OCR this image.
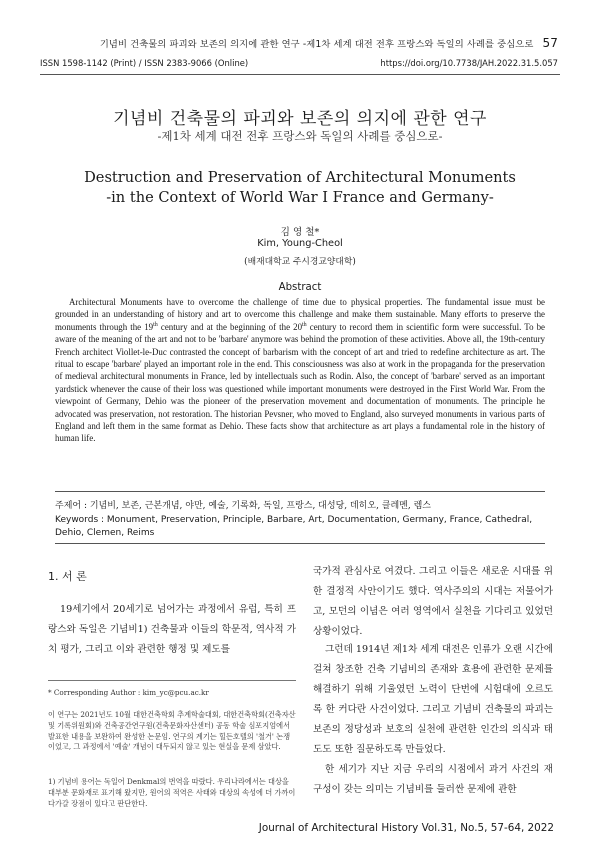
기념비 건축물의 파괴와 보존의 의지에 관한 연구 -제1차 세계 대전 전후 프랑스와 독일의 사례를 중심으로 57
ISSN 1598-1142 (Print) / ISSN 2383-9066 (Online)	https://doi.org/10.7738/JAH.2022.31.5.057
기념비 건축물의 파괴와 보존의 의지에 관한 연구
-제1차 세계 대전 전후 프랑스와 독일의 사례를 중심으로-
Destruction and Preservation of Architectural Monuments
-in the Context of World War I France and Germany-
김 영 철*
Kim, Young-Cheol
(배재대학교 주시경교양대학)
Abstract
Architectural Monuments have to overcome the challenge of time due to physical properties. The fundamental issue must be grounded in an understanding of history and art to overcome this challenge and make them sustainable. Many efforts to preserve the monuments through the 19th century and at the beginning of the 20th century to record them in scientific form were successful. To be aware of the meaning of the art and not to be 'barbare' anymore was behind the promotion of these activities. Above all, the 19th-century French architect Viollet-le-Duc contrasted the concept of barbarism with the concept of art and tried to redefine architecture as art. The ritual to escape 'barbare' played an important role in the end. This consciousness was also at work in the propaganda for the preservation of medieval architectural monuments in France, led by intellectuals such as Rodin. Also, the concept of 'barbare' served as an important yardstick whenever the cause of their loss was questioned while important monuments were destroyed in the First World War. From the viewpoint of Germany, Dehio was the pioneer of the preservation movement and documentation of monuments. The principle he advocated was preservation, not restoration. The historian Pevsner, who moved to England, also surveyed monuments in various parts of England and left them in the same format as Dehio. These facts show that architecture as art plays a fundamental role in the history of human life.
주제어 : 기념비, 보존, 근본개념, 야만, 예술, 기록화, 독일, 프랑스, 대성당, 데히오, 클레멘, 렘스
Keywords : Monument, Preservation, Principle, Barbare, Art, Documentation, Germany, France, Cathedral, Dehio, Clemen, Reims
1. 서 론
19세기에서 20세기로 넘어가는 과정에서 유럽, 특히 프랑스와 독일은 기념비1) 건축물과 이들의 학문적, 역사적 가치 평가, 그리고 이와 관련한 행정 및 제도를
* Corresponding Author : kim_yc@pcu.ac.kr
이 연구는 2021년도 10월 대한건축학회 추계학술대회, 대한건축학회(건축자산 및 기록위원회)와 건축공간연구원(건축문화자산센터) 공동 학술 심포지엄에서 발표한 내용을 보완하여 완성한 논문임. 연구의 계기는 힐든호텔의 '철거' 논쟁이었고, 그 과정에서 '예술' 개념이 대두되지 않고 있는 현실을 문제 삼았다.
1) 기념비 용어는 독일어 Denkmal의 번역을 따랐다. 우리나라에서는 대상을 대부분 문화재로 표기해 왔지만, 원어의 적역은 사태와 대상의 속성에 더 가까이 다가갈 장점이 있다고 판단한다.
국가적 관심사로 여겼다. 그리고 이들은 새로운 시대를 위한 결정적 사안이기도 했다. 역사주의의 시대는 저물어가고, 모던의 이념은 여러 영역에서 실천을 기다리고 있었던 상황이었다.
그런데 1914년 제1차 세계 대전은 인류가 오랜 시간에 걸쳐 창조한 건축 기념비의 존재와 효용에 관련한 문제를 해결하기 위해 기울였던 노력이 단번에 시험대에 오르도록 한 커다란 사건이었다. 그리고 기념비 건축물의 파괴는 보존의 정당성과 보호의 실천에 관련한 인간의 의식과 태도도 또한 질문하도록 만들었다.
한 세기가 지난 지금 우리의 시점에서 과거 사건의 재구성이 갖는 의미는 기념비를 둘러싼 문제에 관한
Journal of Architectural History Vol.31, No.5, 57-64, 2022
